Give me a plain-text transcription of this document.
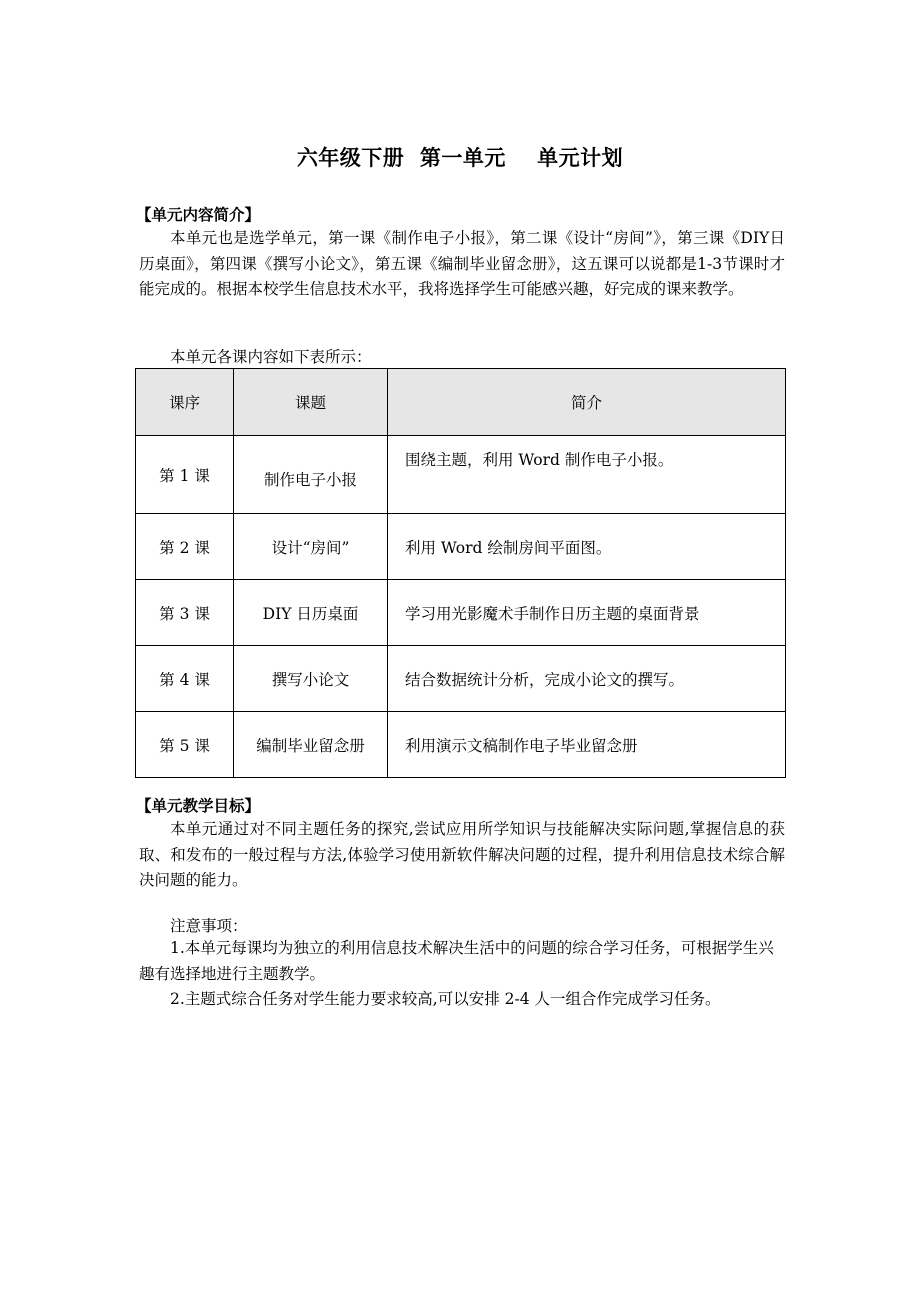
六年级下册  第一单元    单元计划
【单元内容简介】
本单元也是选学单元，第一课《制作电子小报》，第二课《设计“房间”》，第三课《DIY日历桌面》，第四课《撰写小论文》，第五课《编制毕业留念册》，这五课可以说都是1-3节课时才能完成的。根据本校学生信息技术水平，我将选择学生可能感兴趣，好完成的课来教学。
本单元各课内容如下表所示：
课序	课题	简介
第 1 课	制作电子小报	围绕主题，利用 Word 制作电子小报。
第 2 课	设计“房间”	利用 Word 绘制房间平面图。
第 3 课	DIY 日历桌面	学习用光影魔术手制作日历主题的桌面背景
第 4 课	撰写小论文	结合数据统计分析，完成小论文的撰写。
第 5 课	编制毕业留念册	利用演示文稿制作电子毕业留念册
【单元教学目标】
本单元通过对不同主题任务的探究,尝试应用所学知识与技能解决实际问题,掌握信息的获取、和发布的一般过程与方法,体验学习使用新软件解决问题的过程，提升利用信息技术综合解决问题的能力。
注意事项：
1.本单元每课均为独立的利用信息技术解决生活中的问题的综合学习任务，可根据学生兴趣有选择地进行主题教学。
2.主题式综合任务对学生能力要求较高,可以安排 2-4 人一组合作完成学习任务。
